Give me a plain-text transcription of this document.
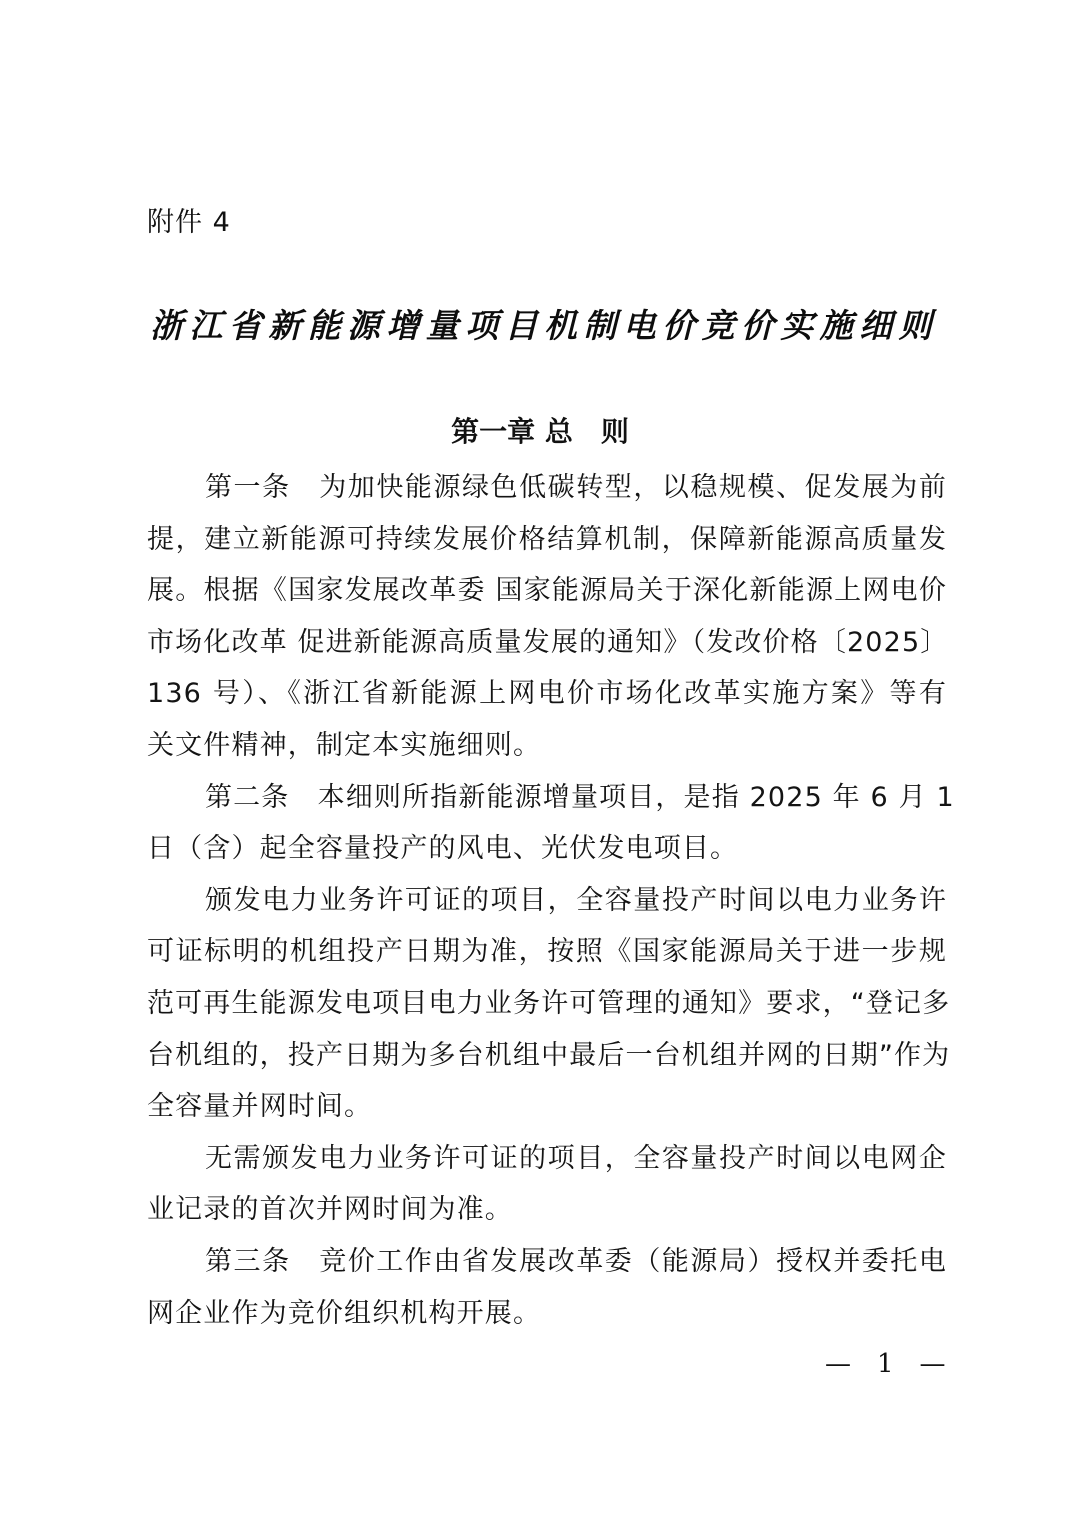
附件 4
浙江省新能源增量项目机制电价竞价实施细则
第一章 总　则
第一条　为加快能源绿色低碳转型，以稳规模、促发展为前
提，建立新能源可持续发展价格结算机制，保障新能源高质量发
展。根据《国家发展改革委 国家能源局关于深化新能源上网电价
市场化改革 促进新能源高质量发展的通知》（发改价格〔2025〕
136 号）、《浙江省新能源上网电价市场化改革实施方案》等有
关文件精神，制定本实施细则。
第二条　本细则所指新能源增量项目，是指 2025 年 6 月 1
日（含）起全容量投产的风电、光伏发电项目。
颁发电力业务许可证的项目，全容量投产时间以电力业务许
可证标明的机组投产日期为准，按照《国家能源局关于进一步规
范可再生能源发电项目电力业务许可管理的通知》要求，“登记多
台机组的，投产日期为多台机组中最后一台机组并网的日期”作为
全容量并网时间。
无需颁发电力业务许可证的项目，全容量投产时间以电网企
业记录的首次并网时间为准。
第三条　竞价工作由省发展改革委（能源局）授权并委托电
网企业作为竞价组织机构开展。
—　1　—
